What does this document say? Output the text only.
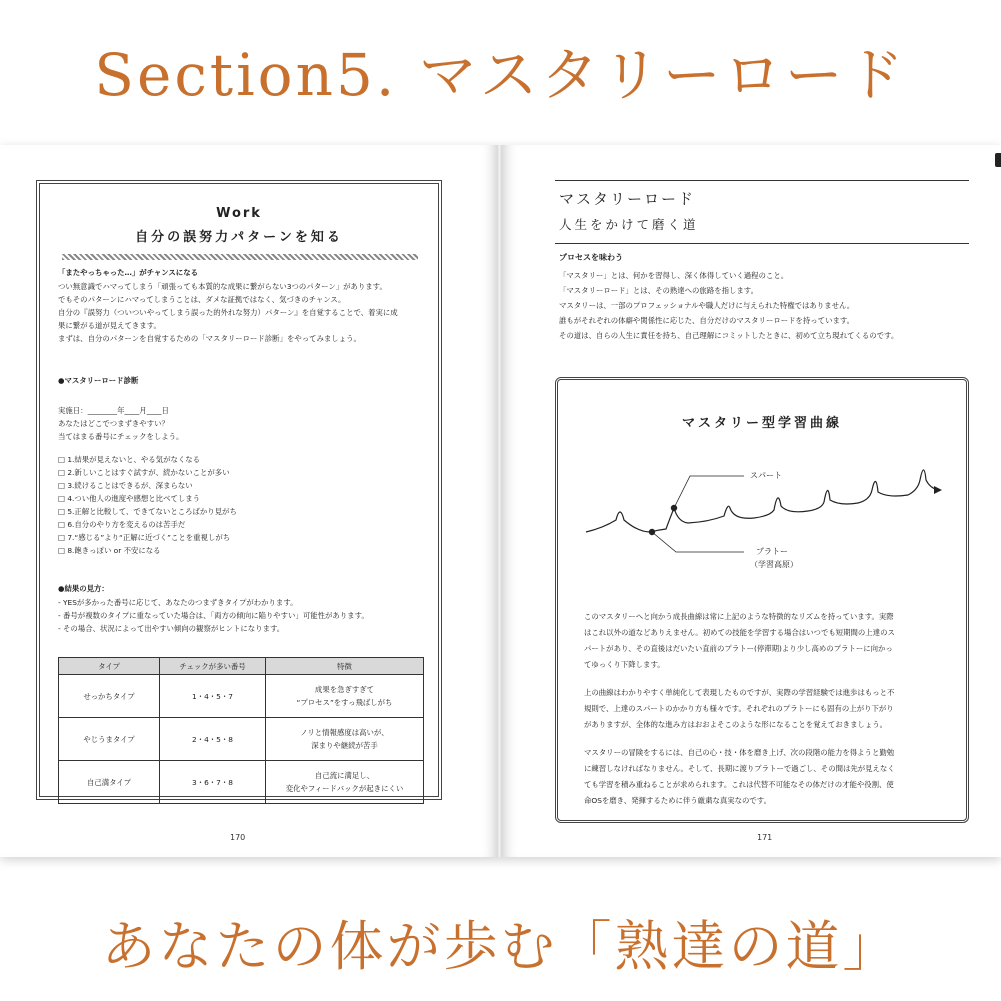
Section5. マスタリーロード
Work
自分の誤努力パターンを知る
「またやっちゃった…」がチャンスになる
つい無意識でハマってしまう「頑張っても本質的な成果に繋がらない3つのパターン」があります。
でもそのパターンにハマってしまうことは、ダメな証拠ではなく、気づきのチャンス。
自分の『誤努力（ついついやってしまう誤った的外れな努力）パターン』を自覚することで、着実に成
果に繋がる道が見えてきます。
まずは、自分のパターンを自覚するための「マスタリーロード診断」をやってみましょう。
●マスタリーロード診断
実施日：________年____月____日
あなたはどこでつまずきやすい？
当てはまる番号にチェックをしよう。
□ 1.結果が見えないと、やる気がなくなる
□ 2.新しいことはすぐ試すが、続かないことが多い
□ 3.続けることはできるが、深まらない
□ 4.つい他人の進度や感想と比べてしまう
□ 5.正解と比較して、できてないところばかり見がち
□ 6.自分のやり方を変えるのは苦手だ
□ 7.“感じる”より“正解に近づく”ことを重視しがち
□ 8.飽きっぽい or 不安になる
●結果の見方：
- YESが多かった番号に応じて、あなたのつまずきタイプがわかります。
- 番号が複数のタイプに重なっていた場合は、「両方の傾向に陥りやすい」可能性があります。
- その場合、状況によって出やすい傾向の観察がヒントになります。
タイプ	チェックが多い番号	特徴
せっかちタイプ	1・4・5・7	成果を急ぎすぎて
“プロセス”をすっ飛ばしがち
やじうまタイプ	2・4・5・8	ノリと情報感度は高いが、
深まりや継続が苦手
自己満タイプ	3・6・7・8	自己流に満足し、
変化やフィードバックが起きにくい
170
マスタリーロード
人生をかけて磨く道
プロセスを味わう
「マスタリー」とは、何かを習得し、深く体得していく過程のこと。
「マスタリーロード」とは、その熟達への旅路を指します。
マスタリーは、一部のプロフェッショナルや職人だけに与えられた特権ではありません。
誰もがそれぞれの体癖や関係性に応じた、自分だけのマスタリーロードを持っています。
その道は、自らの人生に責任を持ち、自己理解にコミットしたときに、初めて立ち現れてくるのです。
マスタリー型学習曲線
スパート
プラトー
（学習高原）
このマスタリーへと向かう成長曲線は常に上記のような特徴的なリズムを持っています。実際
はこれ以外の道などありえません。初めての技能を学習する場合はいつでも短期間の上達のス
パートがあり、その直後はだいたい直前のプラトー(停滞期)より少し高めのプラトーに向かっ
てゆっくり下降します。
上の曲線はわかりやすく単純化して表現したものですが、実際の学習経験では進歩はもっと不
規則で、上達のスパートのかかり方も様々です。それぞれのプラトーにも固有の上がり下がり
がありますが、全体的な進み方はおおよそこのような形になることを覚えておきましょう。
マスタリーの冒険をするには、自己の心・技・体を磨き上げ、次の段階の能力を得ようと勤勉
に練習しなければなりません。そして、長期に渡りプラトーで過ごし、その間は先が見えなく
ても学習を積み重ねることが求められます。これは代替不可能なその体だけの才能や役割、使
命OSを磨き、発揮するために伴う厳粛な真実なのです。
171
あなたの体が歩む「熟達の道」
